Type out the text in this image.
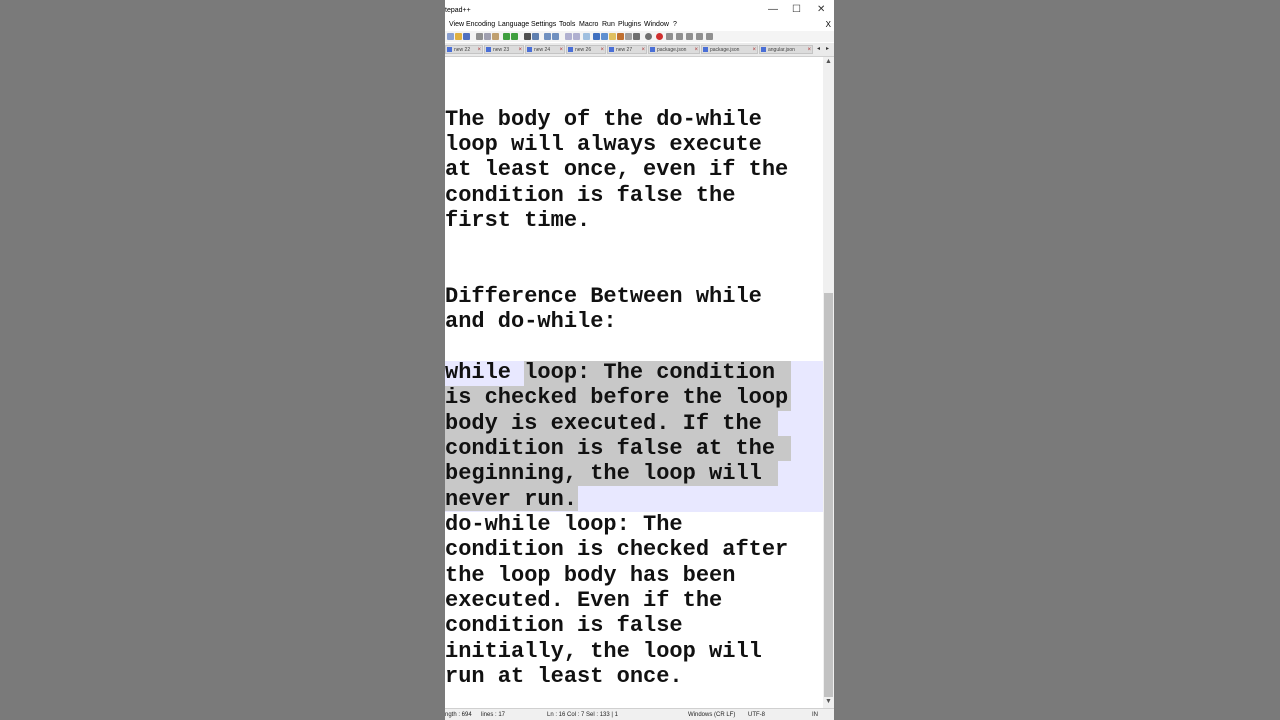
tepad++	— ☐ ✕
View Encoding Language Settings Tools Macro Run Plugins Window ?	X
new 22 ×	new 23 ×	new 24 ×	new 26 ×	new 27 ×	package.json ×	package.json ×	angular.json × ◂ ▸
The body of the do-while
loop will always execute
at least once, even if the
condition is false the
first time.
Difference Between while
and do-while:
while loop: The condition
is checked before the loop
body is executed. If the
condition is false at the
beginning, the loop will
never run.
do-while loop: The
condition is checked after
the loop body has been
executed. Even if the
condition is false
initially, the loop will
run at least once.
▲
▼
ngth : 694 lines : 17	Ln : 16 Col : 7 Sel : 133 | 1	Windows (CR LF) UTF-8	IN
